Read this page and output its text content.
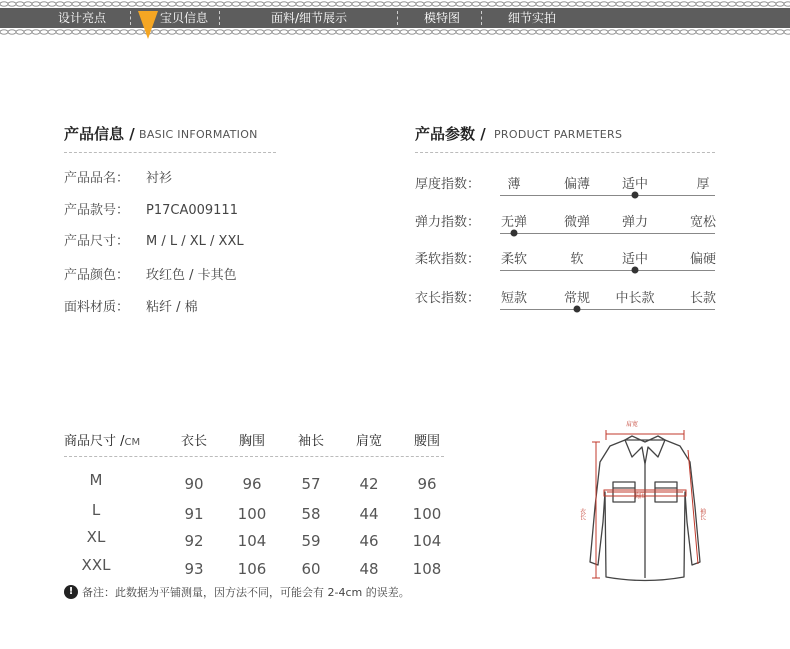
设计亮点	宝贝信息	面料/细节展示	模特图	细节实拍
产品信息 / BASIC INFORMATION
产品品名： 衬衫
产品款号： P17CA009111
产品尺寸： M / L / XL / XXL
产品颜色： 玫红色 / 卡其色
面料材质： 粘纤 / 棉
产品参数 / PRODUCT PARMETERS
厚度指数： 薄	偏薄 适中	厚
弹力指数： 无弹	微弹 弹力	宽松
柔软指数： 柔软	软	适中	偏硬
衣长指数： 短款	常规 中长款	长款
商品尺寸 /CM	衣长 胸围	袖长 肩宽 腰围
M	90	96	57	42	96
L	91 100 58	44 100
XL	92 104 59	46 104
XXL	93 106 60	48 108
! 备注：此数据为平铺测量，因方法不同，可能会有 2-4cm 的误差。
肩宽
胸围
衣长	袖长
